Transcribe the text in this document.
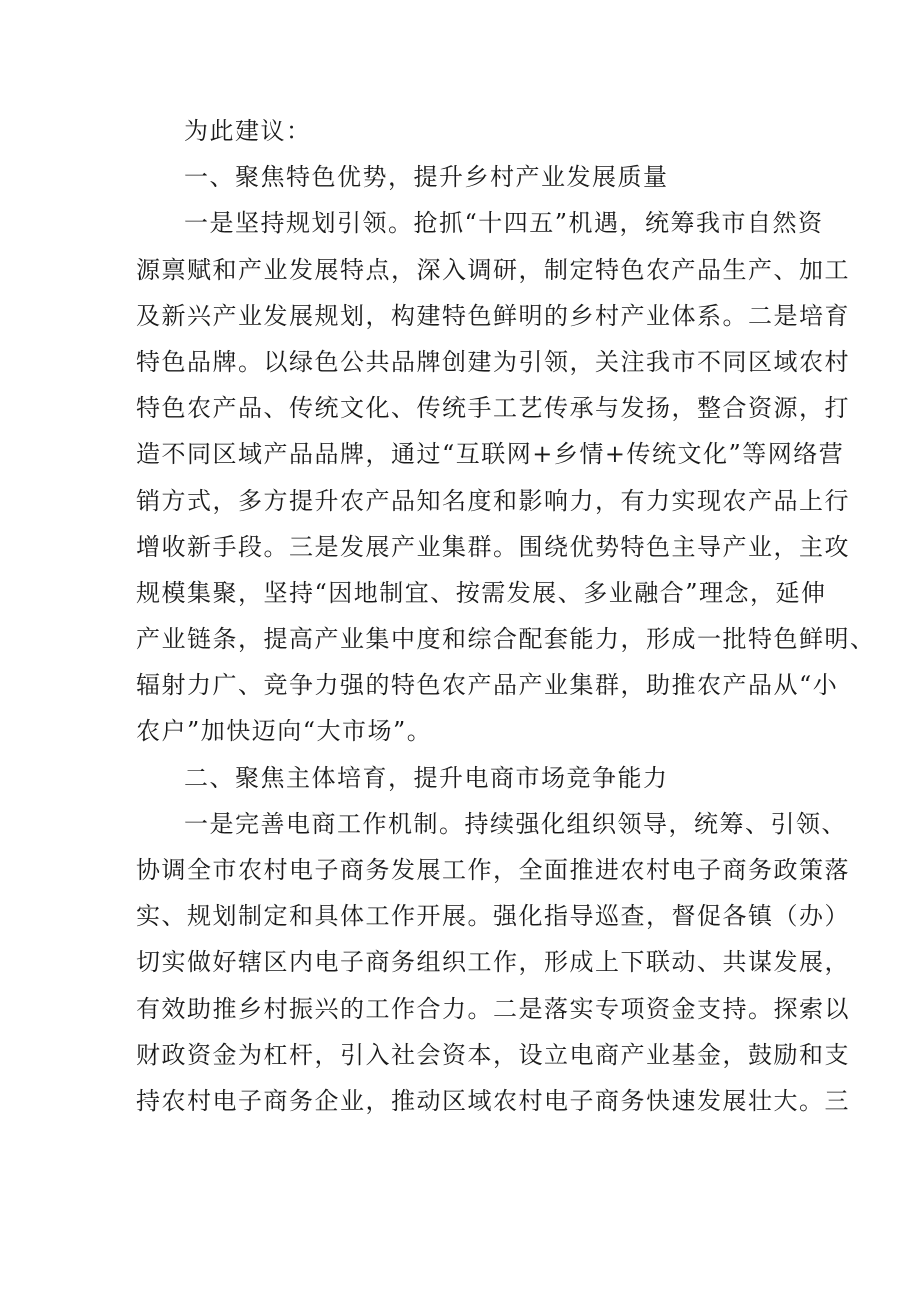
为此建议：
一、聚焦特色优势，提升乡村产业发展质量
一是坚持规划引领。抢抓“十四五”机遇，统筹我市自然资
源禀赋和产业发展特点，深入调研，制定特色农产品生产、加工
及新兴产业发展规划，构建特色鲜明的乡村产业体系。二是培育
特色品牌。以绿色公共品牌创建为引领，关注我市不同区域农村
特色农产品、传统文化、传统手工艺传承与发扬，整合资源，打
造不同区域产品品牌，通过“互联网+乡情+传统文化”等网络营
销方式，多方提升农产品知名度和影响力，有力实现农产品上行
增收新手段。三是发展产业集群。围绕优势特色主导产业，主攻
规模集聚，坚持“因地制宜、按需发展、多业融合”理念，延伸
产业链条，提高产业集中度和综合配套能力，形成一批特色鲜明、
辐射力广、竞争力强的特色农产品产业集群，助推农产品从“小
农户”加快迈向“大市场”。
二、聚焦主体培育，提升电商市场竞争能力
一是完善电商工作机制。持续强化组织领导，统筹、引领、
协调全市农村电子商务发展工作，全面推进农村电子商务政策落
实、规划制定和具体工作开展。强化指导巡查，督促各镇（办）
切实做好辖区内电子商务组织工作，形成上下联动、共谋发展，
有效助推乡村振兴的工作合力。二是落实专项资金支持。探索以
财政资金为杠杆，引入社会资本，设立电商产业基金，鼓励和支
持农村电子商务企业，推动区域农村电子商务快速发展壮大。三
